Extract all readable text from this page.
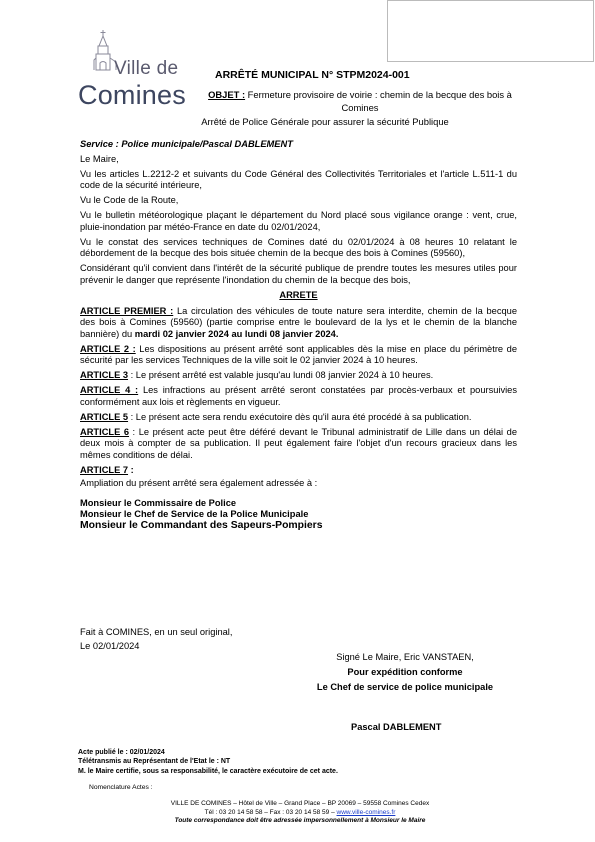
Ville de
Comines
ARRÊTÉ MUNICIPAL N° STPM2024-001
OBJET : Fermeture provisoire de voirie : chemin de la becque des bois à Comines
Arrêté de Police Générale pour assurer la sécurité Publique

Service : Police municipale/Pascal DABLEMENT

Le Maire,

Vu les articles L.2212-2 et suivants du Code Général des Collectivités Territoriales et l'article L.511-1 du code de la sécurité intérieure,

Vu le Code de la Route,

Vu le bulletin météorologique plaçant le département du Nord placé sous vigilance orange : vent, crue, pluie-inondation par météo-France en date du 02/01/2024,

Vu le constat des services techniques de Comines daté du 02/01/2024 à 08 heures 10 relatant le débordement de la becque des bois située chemin de la becque des bois à Comines (59560),

Considérant qu'il convient dans l'intérêt de la sécurité publique de prendre toutes les mesures utiles pour prévenir le danger que représente l'inondation du chemin de la becque des bois,

ARRETE

ARTICLE PREMIER : La circulation des véhicules de toute nature sera interdite, chemin de la becque des bois à Comines (59560) (partie comprise entre le boulevard de la lys et le chemin de la blanche bannière) du mardi 02 janvier 2024 au lundi 08 janvier 2024.

ARTICLE 2 : Les dispositions au présent arrêté sont applicables dès la mise en place du périmètre de sécurité par les services Techniques de la ville soit le 02 janvier 2024 à 10 heures.

ARTICLE 3 : Le présent arrêté est valable jusqu'au lundi 08 janvier 2024 à 10 heures.

ARTICLE 4 : Les infractions au présent arrêté seront constatées par procès-verbaux et poursuivies conformément aux lois et règlements en vigueur.

ARTICLE 5 : Le présent acte sera rendu exécutoire dès qu'il aura été procédé à sa publication.

ARTICLE 6 : Le présent acte peut être déféré devant le Tribunal administratif de Lille dans un délai de deux mois à compter de sa publication. Il peut également faire l'objet d'un recours gracieux dans les mêmes conditions de délai.

ARTICLE 7 :

Ampliation du présent arrêté sera également adressée à :

Monsieur le Commissaire de Police
Monsieur le Chef de Service de la Police Municipale
Monsieur le Commandant des Sapeurs-Pompiers
Fait à COMINES, en un seul original,
Le 02/01/2024
Signé Le Maire, Eric VANSTAEN,
Pour expédition conforme
Le Chef de service de police municipale
Pascal DABLEMENT
Acte publié le : 02/01/2024
Télétransmis au Représentant de l'Etat le : NT
M. le Maire certifie, sous sa responsabilité, le caractère exécutoire de cet acte.
Nomenclature Actes :
VILLE DE COMINES – Hôtel de Ville – Grand Place – BP 20069 – 59558 Comines Cedex
Tél : 03 20 14 58 58 – Fax : 03 20 14 58 59 – www.ville-comines.fr
Toute correspondance doit être adressée impersonnellement à Monsieur le Maire
